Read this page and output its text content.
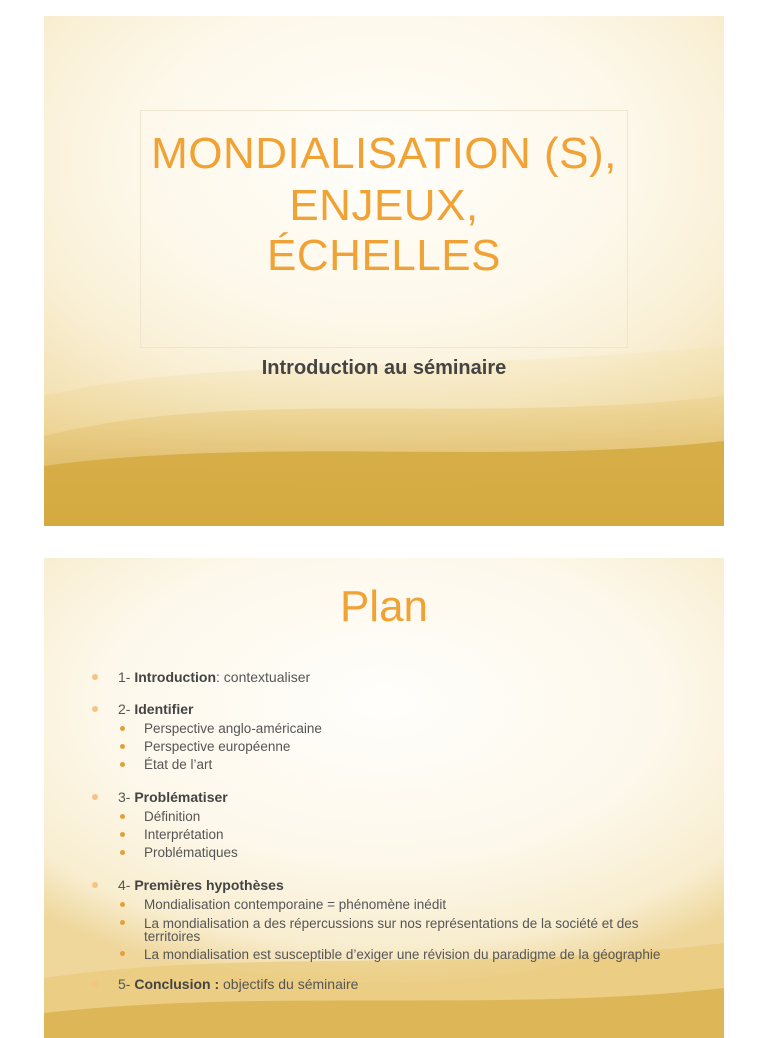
MONDIALISATION (S),
ENJEUX,
ÉCHELLES
Introduction au séminaire
Plan
1- Introduction: contextualiser
2- Identifier
Perspective anglo-américaine
Perspective européenne
État de l’art
3- Problématiser
Définition
Interprétation
Problématiques
4- Premières hypothèses
Mondialisation contemporaine = phénomène inédit
La mondialisation a des répercussions sur nos représentations de la société et des territoires
La mondialisation est susceptible d’exiger une révision du paradigme de la géographie
5- Conclusion : objectifs du séminaire
